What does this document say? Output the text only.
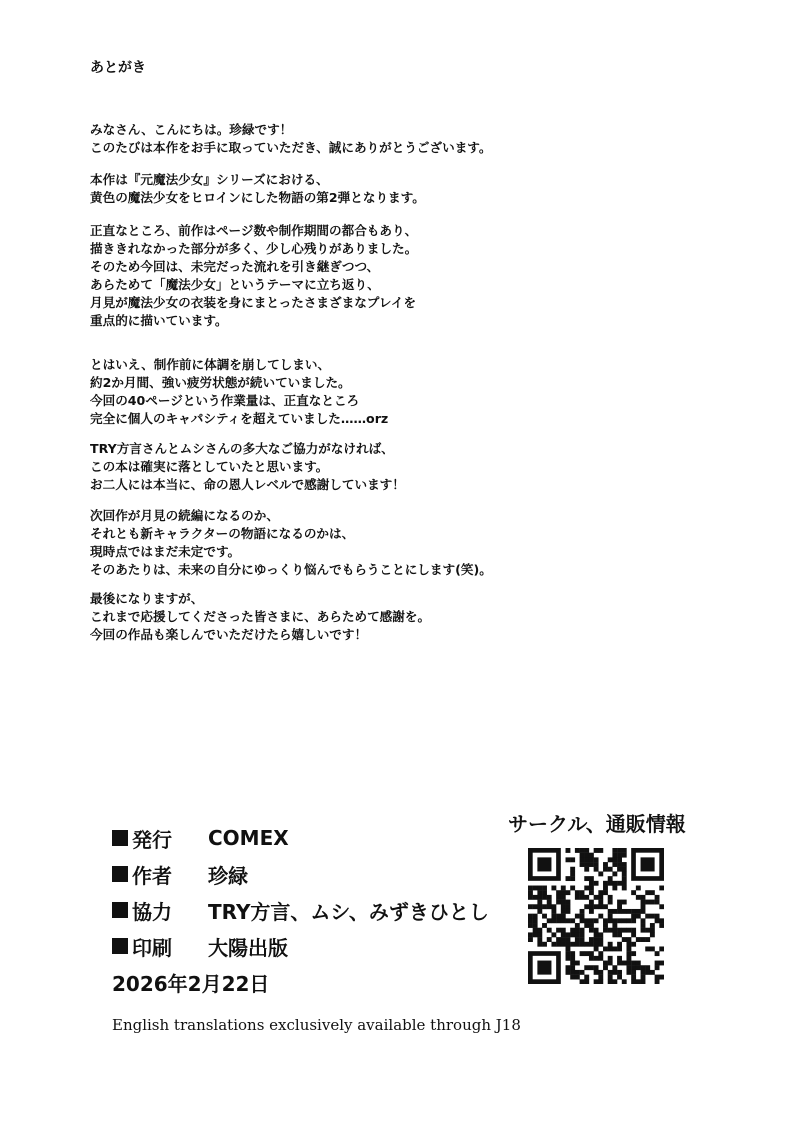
あとがき
みなさん、こんにちは。珍緑です！
このたびは本作をお手に取っていただき、誠にありがとうございます。
本作は『元魔法少女』シリーズにおける、
黄色の魔法少女をヒロインにした物語の第2弾となります。
正直なところ、前作はページ数や制作期間の都合もあり、
描ききれなかった部分が多く、少し心残りがありました。
そのため今回は、未完だった流れを引き継ぎつつ、
あらためて「魔法少女」というテーマに立ち返り、
月見が魔法少女の衣装を身にまとったさまざまなプレイを
重点的に描いています。
とはいえ、制作前に体調を崩してしまい、
約2か月間、強い疲労状態が続いていました。
今回の40ページという作業量は、正直なところ
完全に個人のキャパシティを超えていました……orz
TRY方言さんとムシさんの多大なご協力がなければ、
この本は確実に落としていたと思います。
お二人には本当に、命の恩人レベルで感謝しています！
次回作が月見の続編になるのか、
それとも新キャラクターの物語になるのかは、
現時点ではまだ未定です。
そのあたりは、未来の自分にゆっくり悩んでもらうことにします(笑)。
最後になりますが、
これまで応援してくださった皆さまに、あらためて感謝を。
今回の作品も楽しんでいただけたら嬉しいです！
発行	COMEX
作者	珍緑
協力	TRY方言、ムシ、みずきひとし
印刷	大陽出版
2026年2月22日
English translations exclusively available through J18
サークル、通販情報
